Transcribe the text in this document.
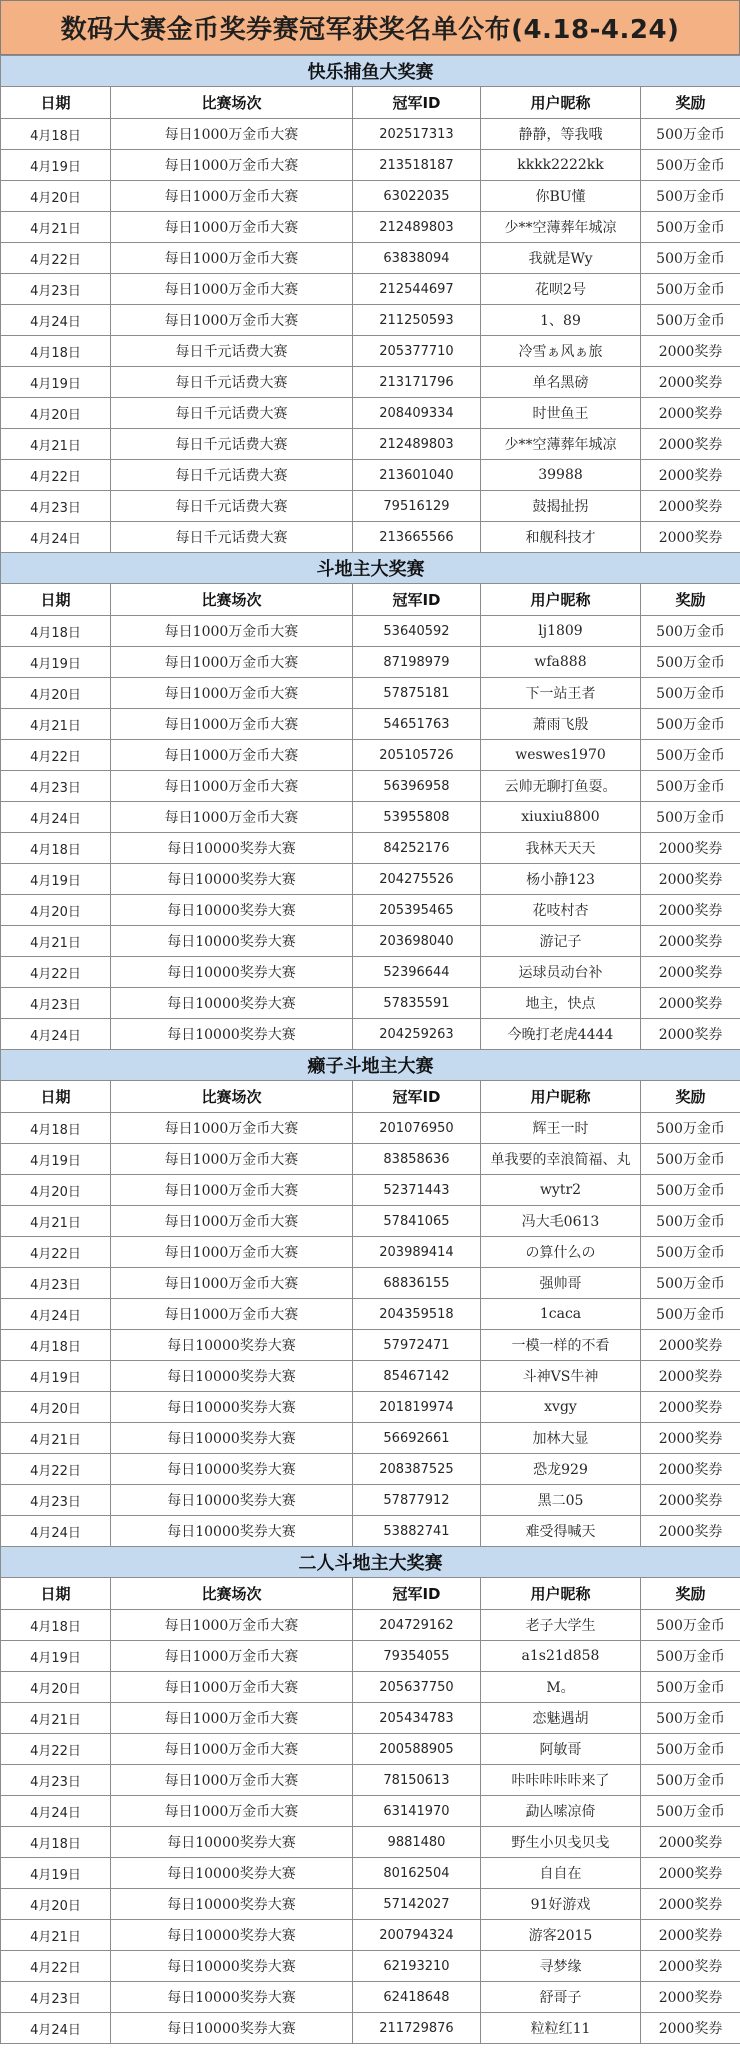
数码大赛金币奖券赛冠军获奖名单公布(4.18-4.24)
快乐捕鱼大奖赛				
日期	比赛场次	冠军ID	用户昵称	奖励
4月18日	每日1000万金币大赛	202517313	静静，等我哦	500万金币
4月19日	每日1000万金币大赛	213518187	kkkk2222kk	500万金币
4月20日	每日1000万金币大赛	63022035	你BU懂	500万金币
4月21日	每日1000万金币大赛	212489803	少**空薄葬年城凉	500万金币
4月22日	每日1000万金币大赛	63838094	我就是Wy	500万金币
4月23日	每日1000万金币大赛	212544697	花呗2号	500万金币
4月24日	每日1000万金币大赛	211250593	1、89	500万金币
4月18日	每日千元话费大赛	205377710	冷雪ぁ风ぁ旅	2000奖券
4月19日	每日千元话费大赛	213171796	单名黑磅	2000奖券
4月20日	每日千元话费大赛	208409334	时世鱼王	2000奖券
4月21日	每日千元话费大赛	212489803	少**空薄葬年城凉	2000奖券
4月22日	每日千元话费大赛	213601040	39988	2000奖券
4月23日	每日千元话费大赛	79516129	鼓揭扯拐	2000奖券
4月24日	每日千元话费大赛	213665566	和舰科技才	2000奖券
斗地主大奖赛				
日期	比赛场次	冠军ID	用户昵称	奖励
4月18日	每日1000万金币大赛	53640592	lj1809	500万金币
4月19日	每日1000万金币大赛	87198979	wfa888	500万金币
4月20日	每日1000万金币大赛	57875181	下一站王者	500万金币
4月21日	每日1000万金币大赛	54651763	萧雨飞殷	500万金币
4月22日	每日1000万金币大赛	205105726	weswes1970	500万金币
4月23日	每日1000万金币大赛	56396958	云帅无聊打鱼耍。	500万金币
4月24日	每日1000万金币大赛	53955808	xiuxiu8800	500万金币
4月18日	每日10000奖券大赛	84252176	我林天天天	2000奖券
4月19日	每日10000奖券大赛	204275526	杨小静123	2000奖券
4月20日	每日10000奖券大赛	205395465	花吱村杏	2000奖券
4月21日	每日10000奖券大赛	203698040	游记子	2000奖券
4月22日	每日10000奖券大赛	52396644	运球员动台补	2000奖券
4月23日	每日10000奖券大赛	57835591	地主，快点	2000奖券
4月24日	每日10000奖券大赛	204259263	今晚打老虎4444	2000奖券
癞子斗地主大赛				
日期	比赛场次	冠军ID	用户昵称	奖励
4月18日	每日1000万金币大赛	201076950	辉王一时	500万金币
4月19日	每日1000万金币大赛	83858636	单我要的幸浪简福、丸	500万金币
4月20日	每日1000万金币大赛	52371443	wytr2	500万金币
4月21日	每日1000万金币大赛	57841065	冯大毛0613	500万金币
4月22日	每日1000万金币大赛	203989414	の算什么の	500万金币
4月23日	每日1000万金币大赛	68836155	强帅哥	500万金币
4月24日	每日1000万金币大赛	204359518	1caca	500万金币
4月18日	每日10000奖券大赛	57972471	一模一样的不看	2000奖券
4月19日	每日10000奖券大赛	85467142	斗神VS牛神	2000奖券
4月20日	每日10000奖券大赛	201819974	xvgy	2000奖券
4月21日	每日10000奖券大赛	56692661	加林大显	2000奖券
4月22日	每日10000奖券大赛	208387525	恐龙929	2000奖券
4月23日	每日10000奖券大赛	57877912	黑二05	2000奖券
4月24日	每日10000奖券大赛	53882741	难受得喊天	2000奖券
二人斗地主大奖赛				
日期	比赛场次	冠军ID	用户昵称	奖励
4月18日	每日1000万金币大赛	204729162	老子大学生	500万金币
4月19日	每日1000万金币大赛	79354055	a1s21d858	500万金币
4月20日	每日1000万金币大赛	205637750	M。	500万金币
4月21日	每日1000万金币大赛	205434783	恋魅遇胡	500万金币
4月22日	每日1000万金币大赛	200588905	阿敏哥	500万金币
4月23日	每日1000万金币大赛	78150613	咔咔咔咔咔来了	500万金币
4月24日	每日1000万金币大赛	63141970	勐亾嗦凉倚	500万金币
4月18日	每日10000奖券大赛	9881480	野生小贝戋贝戋	2000奖券
4月19日	每日10000奖券大赛	80162504	自自在	2000奖券
4月20日	每日10000奖券大赛	57142027	91好游戏	2000奖券
4月21日	每日10000奖券大赛	200794324	游客2015	2000奖券
4月22日	每日10000奖券大赛	62193210	寻梦缘	2000奖券
4月23日	每日10000奖券大赛	62418648	舒哥子	2000奖券
4月24日	每日10000奖券大赛	211729876	粒粒红11	2000奖券
